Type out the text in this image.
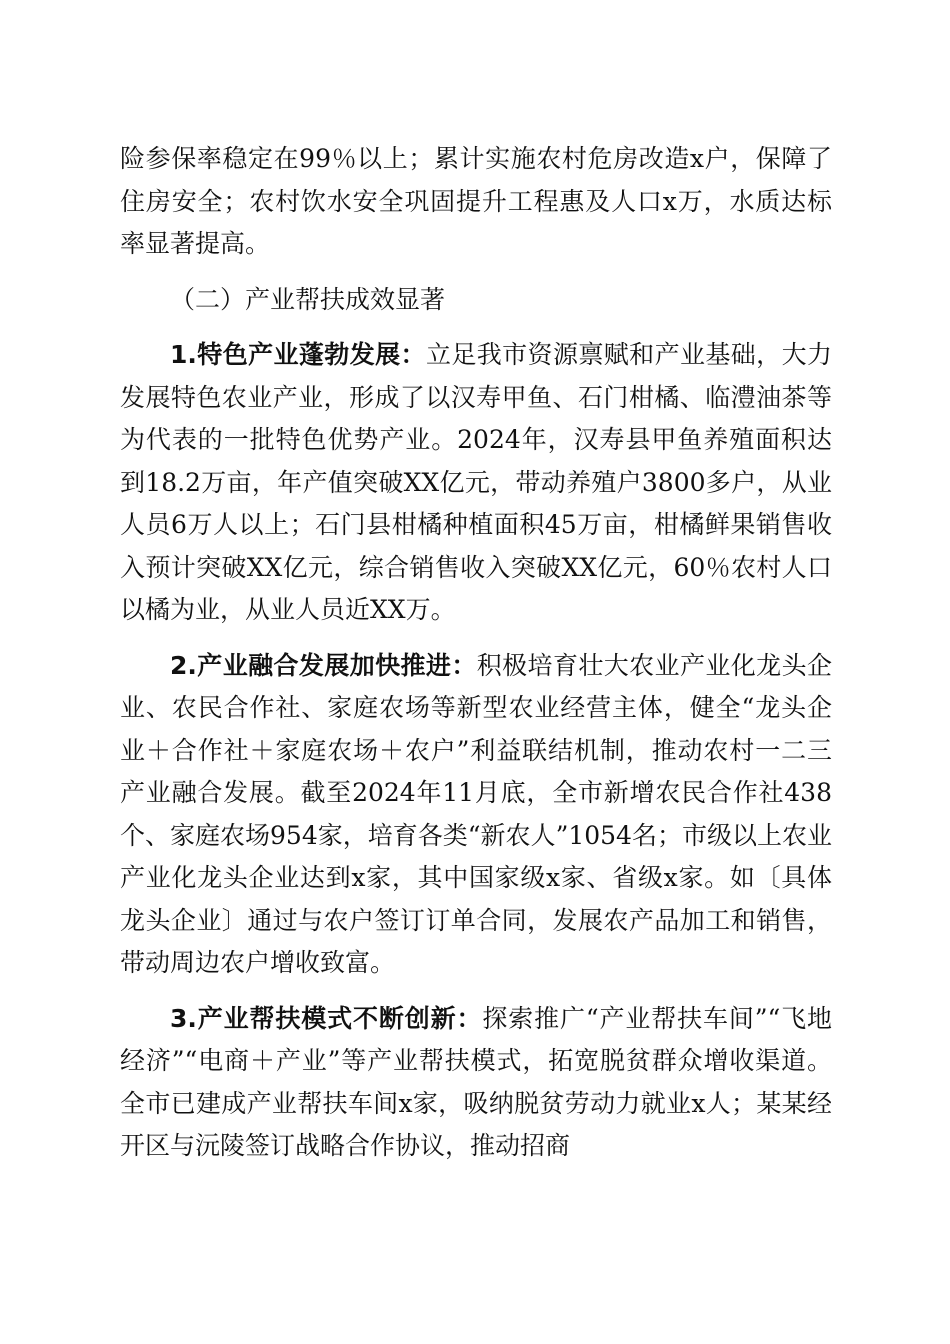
险参保率稳定在99％以上；累计实施农村危房改造x户，保障了住房安全；农村饮水安全巩固提升工程惠及人口x万，水质达标率显著提高。

（二）产业帮扶成效显著

1.特色产业蓬勃发展：立足我市资源禀赋和产业基础，大力发展特色农业产业，形成了以汉寿甲鱼、石门柑橘、临澧油茶等为代表的一批特色优势产业。2024年，汉寿县甲鱼养殖面积达到18.2万亩，年产值突破XX亿元，带动养殖户3800多户，从业人员6万人以上；石门县柑橘种植面积45万亩，柑橘鲜果销售收入预计突破XX亿元，综合销售收入突破XX亿元，60％农村人口以橘为业，从业人员近XX万。

2.产业融合发展加快推进：积极培育壮大农业产业化龙头企业、农民合作社、家庭农场等新型农业经营主体，健全“龙头企业＋合作社＋家庭农场＋农户”利益联结机制，推动农村一二三产业融合发展。截至2024年11月底，全市新增农民合作社438个、家庭农场954家，培育各类“新农人”1054名；市级以上农业产业化龙头企业达到x家，其中国家级x家、省级x家。如〔具体龙头企业〕通过与农户签订订单合同，发展农产品加工和销售，带动周边农户增收致富。

3.产业帮扶模式不断创新：探索推广“产业帮扶车间”“飞地经济”“电商＋产业”等产业帮扶模式，拓宽脱贫群众增收渠道。全市已建成产业帮扶车间x家，吸纳脱贫劳动力就业x人；某某经开区与沅陵签订战略合作协议，推动招商
